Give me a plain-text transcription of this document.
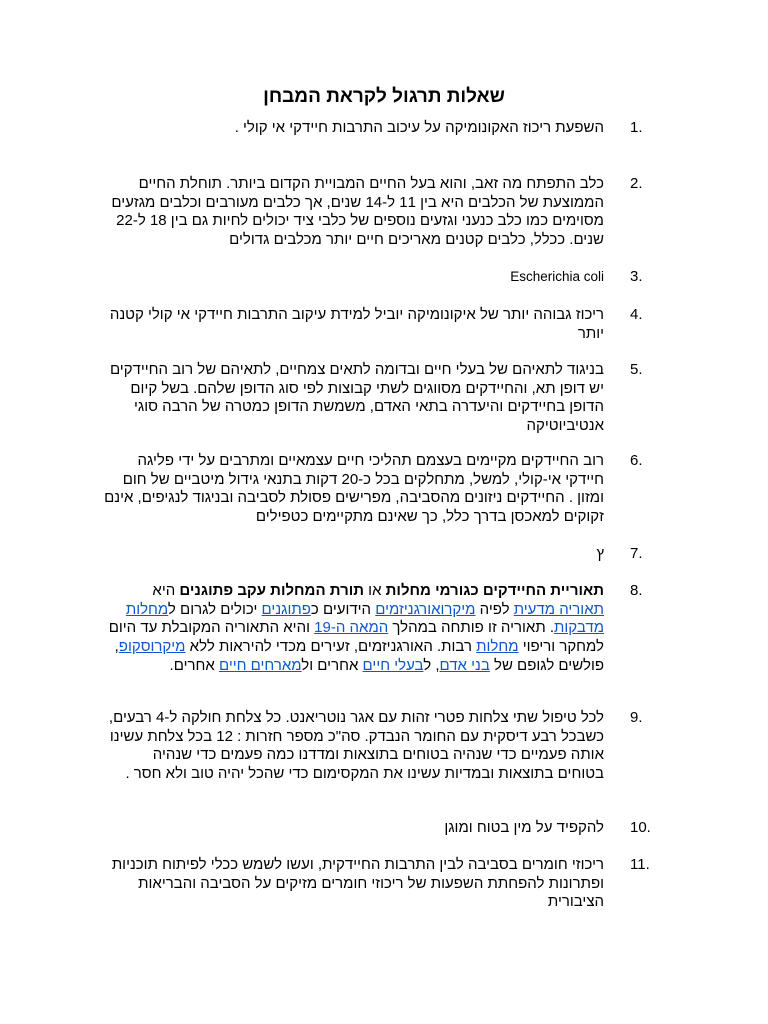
שאלות תרגול לקראת המבחן
1.
השפעת ריכוז האקונומיקה על עיכוב התרבות חיידקי אי קולי .
2.
כלב התפתח מה זאב, והוא בעל החיים המבויית הקדום ביותר. תוחלת החיים הממוצעת של הכלבים היא בין 11 ל-14 שנים, אך כלבים מעורבים וכלבים מגזעים מסוימים כמו כלב כנעני וגזעים נוספים של כלבי ציד יכולים לחיות גם בין 18 ל-22 שנים. ככלל, כלבים קטנים מאריכים חיים יותר מכלבים גדולים
3.
Escherichia coli
4.
ריכוז גבוהה יותר של איקונומיקה יוביל למידת עיקוב התרבות חיידקי אי קולי קטנה יותר
5.
בניגוד לתאיהם של בעלי חיים ובדומה לתאים צמחיים, לתאיהם של רוב החיידקים יש דופן תא, והחיידקים מסווגים לשתי קבוצות לפי סוג הדופן שלהם. בשל קיום הדופן בחיידקים והיעדרה בתאי האדם, משמשת הדופן כמטרה של הרבה סוגי אנטיביוטיקה
6.
רוב החיידקים מקיימים בעצמם תהליכי חיים עצמאיים ומתרבים על ידי פליגה חיידקי אי-קולי, למשל, מתחלקים בכל כ-20 דקות בתנאי גידול מיטביים של חום ומזון . החיידקים ניזונים מהסביבה, מפרישים פסולת לסביבה ובניגוד לנגיפים, אינם זקוקים למאכסן בדרך כלל, כך שאינם מתקיימים כטפילים
7.
ץ
8.
תאוריית החיידקים כגורמי מחלות או תורת המחלות עקב פתוגנים היא תאוריה מדעית לפיה מיקרואורגניזמים הידועים כפתוגנים יכולים לגרום למחלות מדבקות. תאוריה זו פותחה במהלך המאה ה-19 והיא התאוריה המקובלת עד היום למחקר וריפוי מחלות רבות. האורגניזמים, זעירים מכדי להיראות ללא מיקרוסקופ, פולשים לגופם של בני אדם, לבעלי חיים אחרים ולמארחים חיים אחרים.
9.
לכל טיפול שתי צלחות פטרי זהות עם אגר נוטריאנט. כל צלחת חולקה ל-4 רבעים, כשבכל רבע דיסקית עם החומר הנבדק. סה"כ מספר חזרות : 12 בכל צלחת עשינו אותה פעמיים כדי שנהיה בטוחים בתוצאות ומדדנו כמה פעמים כדי שנהיה בטוחים בתוצאות ובמדיות עשינו את המקסימום כדי שהכל יהיה טוב ולא חסר .
10.
להקפיד על מין בטוח ומוגן
11.
ריכוזי חומרים בסביבה לבין התרבות החיידקית, ועשו לשמש ככלי לפיתוח תוכניות ופתרונות להפחתת השפעות של ריכוזי חומרים מזיקים על הסביבה והבריאות הציבורית
